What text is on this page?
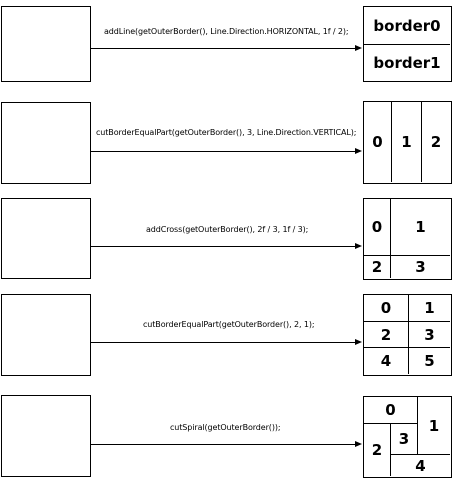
addLine(getOuterBorder(), Line.Direction.HORIZONTAL, 1f / 2);	border0
border1
cutBorderEqualPart(getOuterBorder(), 3, Line.Direction.VERTICAL);
0	1	2
addCross(getOuterBorder(), 2f / 3, 1f / 3);	0	1
2	3
cutBorderEqualPart(getOuterBorder(), 2, 1);
0	1
2	3
4	5
cutSpiral(getOuterBorder());
0
1
2
3
4
